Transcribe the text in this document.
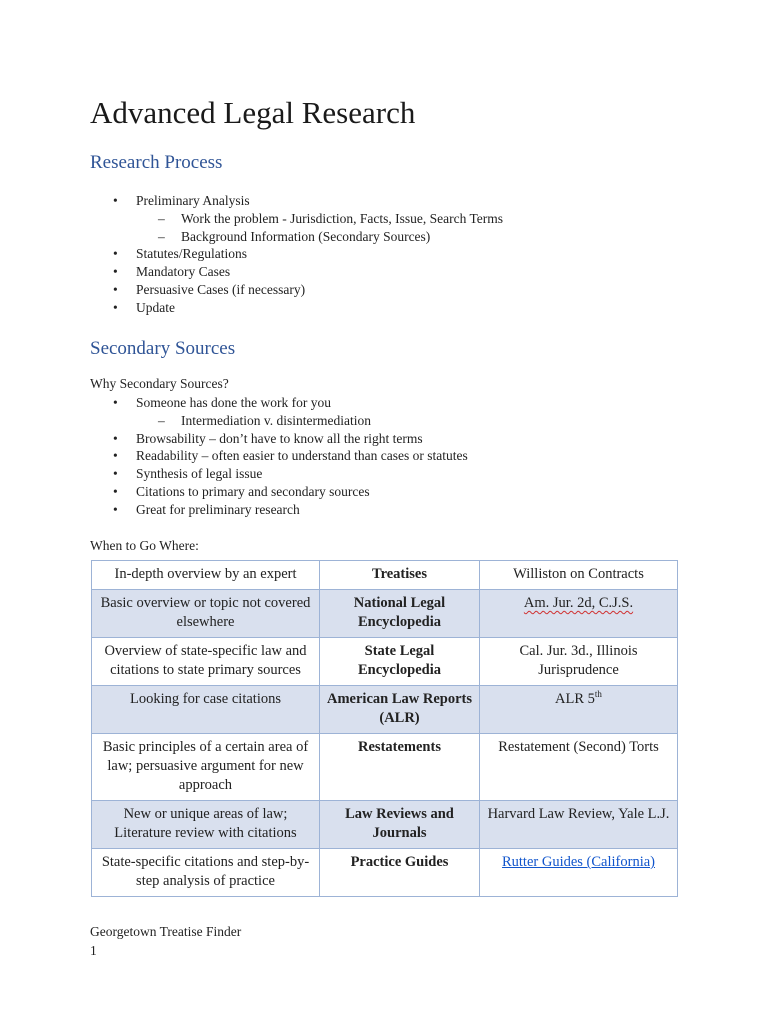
Advanced Legal Research
Research Process
• Preliminary Analysis
– Work the problem - Jurisdiction, Facts, Issue, Search Terms
– Background Information (Secondary Sources)
• Statutes/Regulations
• Mandatory Cases
• Persuasive Cases (if necessary)
• Update
Secondary Sources
Why Secondary Sources?
• Someone has done the work for you
– Intermediation v. disintermediation
• Browsability – don’t have to know all the right terms
• Readability – often easier to understand than cases or statutes
• Synthesis of legal issue
• Citations to primary and secondary sources
• Great for preliminary research
When to Go Where:
In-depth overview by an expert	Treatises	Williston on Contracts
Basic overview or topic not covered elsewhere	National Legal Encyclopedia	Am. Jur. 2d, C.J.S.
Overview of state-specific law and citations to state primary sources	State Legal Encyclopedia	Cal. Jur. 3d., Illinois Jurisprudence
Looking for case citations	American Law Reports (ALR)	ALR 5th
Basic principles of a certain area of law; persuasive argument for new approach	Restatements	Restatement (Second) Torts
New or unique areas of law; Literature review with citations	Law Reviews and Journals	Harvard Law Review, Yale L.J.
State-specific citations and step-by-step analysis of practice	Practice Guides	Rutter Guides (California)
Georgetown Treatise Finder
1
